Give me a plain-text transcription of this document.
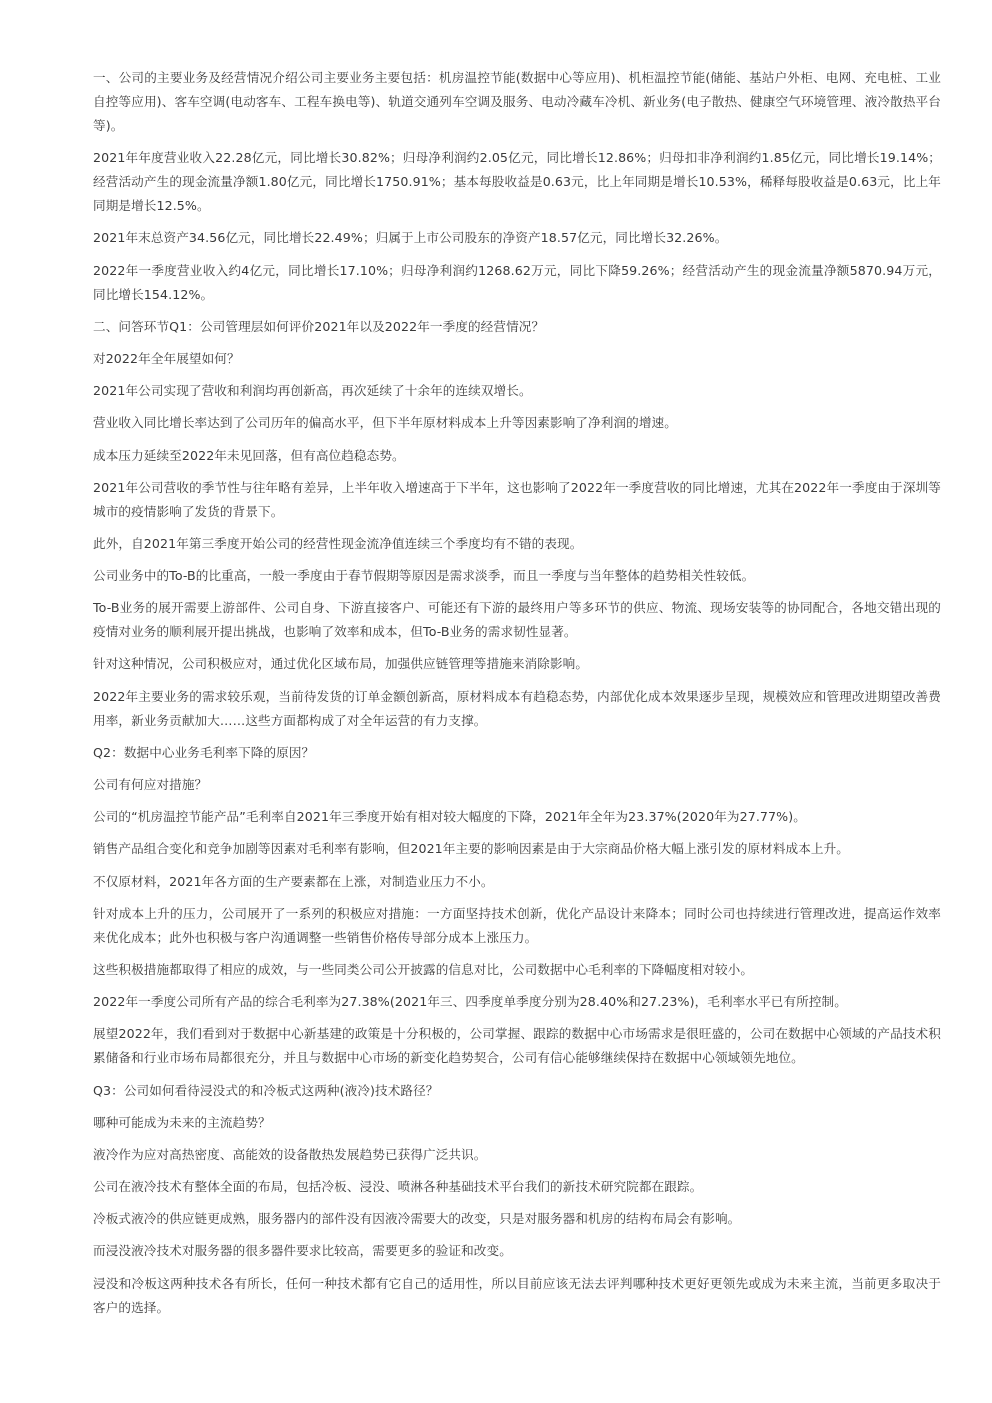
一、公司的主要业务及经营情况介绍公司主要业务主要包括：机房温控节能(数据中心等应用)、机柜温控节能(储能、基站户外柜、电网、充电桩、工业自控等应用)、客车空调(电动客车、工程车换电等)、轨道交通列车空调及服务、电动冷藏车冷机、新业务(电子散热、健康空气环境管理、液冷散热平台等)。

2021年年度营业收入22.28亿元，同比增长30.82%；归母净利润约2.05亿元，同比增长12.86%；归母扣非净利润约1.85亿元，同比增长19.14%；经营活动产生的现金流量净额1.80亿元，同比增长1750.91%；基本每股收益是0.63元，比上年同期是增长10.53%，稀释每股收益是0.63元，比上年同期是增长12.5%。

2021年末总资产34.56亿元，同比增长22.49%；归属于上市公司股东的净资产18.57亿元，同比增长32.26%。

2022年一季度营业收入约4亿元，同比增长17.10%；归母净利润约1268.62万元，同比下降59.26%；经营活动产生的现金流量净额5870.94万元，同比增长154.12%。

二、问答环节Q1：公司管理层如何评价2021年以及2022年一季度的经营情况？

对2022年全年展望如何？

2021年公司实现了营收和利润均再创新高，再次延续了十余年的连续双增长。

营业收入同比增长率达到了公司历年的偏高水平，但下半年原材料成本上升等因素影响了净利润的增速。

成本压力延续至2022年未见回落，但有高位趋稳态势。

2021年公司营收的季节性与往年略有差异，上半年收入增速高于下半年，这也影响了2022年一季度营收的同比增速，尤其在2022年一季度由于深圳等城市的疫情影响了发货的背景下。

此外，自2021年第三季度开始公司的经营性现金流净值连续三个季度均有不错的表现。

公司业务中的To-B的比重高，一般一季度由于春节假期等原因是需求淡季，而且一季度与当年整体的趋势相关性较低。

To-B业务的展开需要上游部件、公司自身、下游直接客户、可能还有下游的最终用户等多环节的供应、物流、现场安装等的协同配合，各地交错出现的疫情对业务的顺利展开提出挑战，也影响了效率和成本，但To-B业务的需求韧性显著。

针对这种情况，公司积极应对，通过优化区域布局，加强供应链管理等措施来消除影响。

2022年主要业务的需求较乐观，当前待发货的订单金额创新高，原材料成本有趋稳态势，内部优化成本效果逐步呈现，规模效应和管理改进期望改善费用率，新业务贡献加大……这些方面都构成了对全年运营的有力支撑。

Q2：数据中心业务毛利率下降的原因？

公司有何应对措施？

公司的“机房温控节能产品”毛利率自2021年三季度开始有相对较大幅度的下降，2021年全年为23.37%(2020年为27.77%)。

销售产品组合变化和竞争加剧等因素对毛利率有影响，但2021年主要的影响因素是由于大宗商品价格大幅上涨引发的原材料成本上升。

不仅原材料，2021年各方面的生产要素都在上涨，对制造业压力不小。

针对成本上升的压力，公司展开了一系列的积极应对措施：一方面坚持技术创新，优化产品设计来降本；同时公司也持续进行管理改进，提高运作效率来优化成本；此外也积极与客户沟通调整一些销售价格传导部分成本上涨压力。

这些积极措施都取得了相应的成效，与一些同类公司公开披露的信息对比，公司数据中心毛利率的下降幅度相对较小。

2022年一季度公司所有产品的综合毛利率为27.38%(2021年三、四季度单季度分别为28.40%和27.23%)，毛利率水平已有所控制。

展望2022年，我们看到对于数据中心新基建的政策是十分积极的，公司掌握、跟踪的数据中心市场需求是很旺盛的，公司在数据中心领域的产品技术积累储备和行业市场布局都很充分，并且与数据中心市场的新变化趋势契合，公司有信心能够继续保持在数据中心领域领先地位。

Q3：公司如何看待浸没式的和冷板式这两种(液冷)技术路径？

哪种可能成为未来的主流趋势？

液冷作为应对高热密度、高能效的设备散热发展趋势已获得广泛共识。

公司在液冷技术有整体全面的布局，包括冷板、浸没、喷淋各种基础技术平台我们的新技术研究院都在跟踪。

冷板式液冷的供应链更成熟，服务器内的部件没有因液冷需要大的改变，只是对服务器和机房的结构布局会有影响。

而浸没液冷技术对服务器的很多器件要求比较高，需要更多的验证和改变。

浸没和冷板这两种技术各有所长，任何一种技术都有它自己的适用性，所以目前应该无法去评判哪种技术更好更领先或成为未来主流，当前更多取决于客户的选择。
